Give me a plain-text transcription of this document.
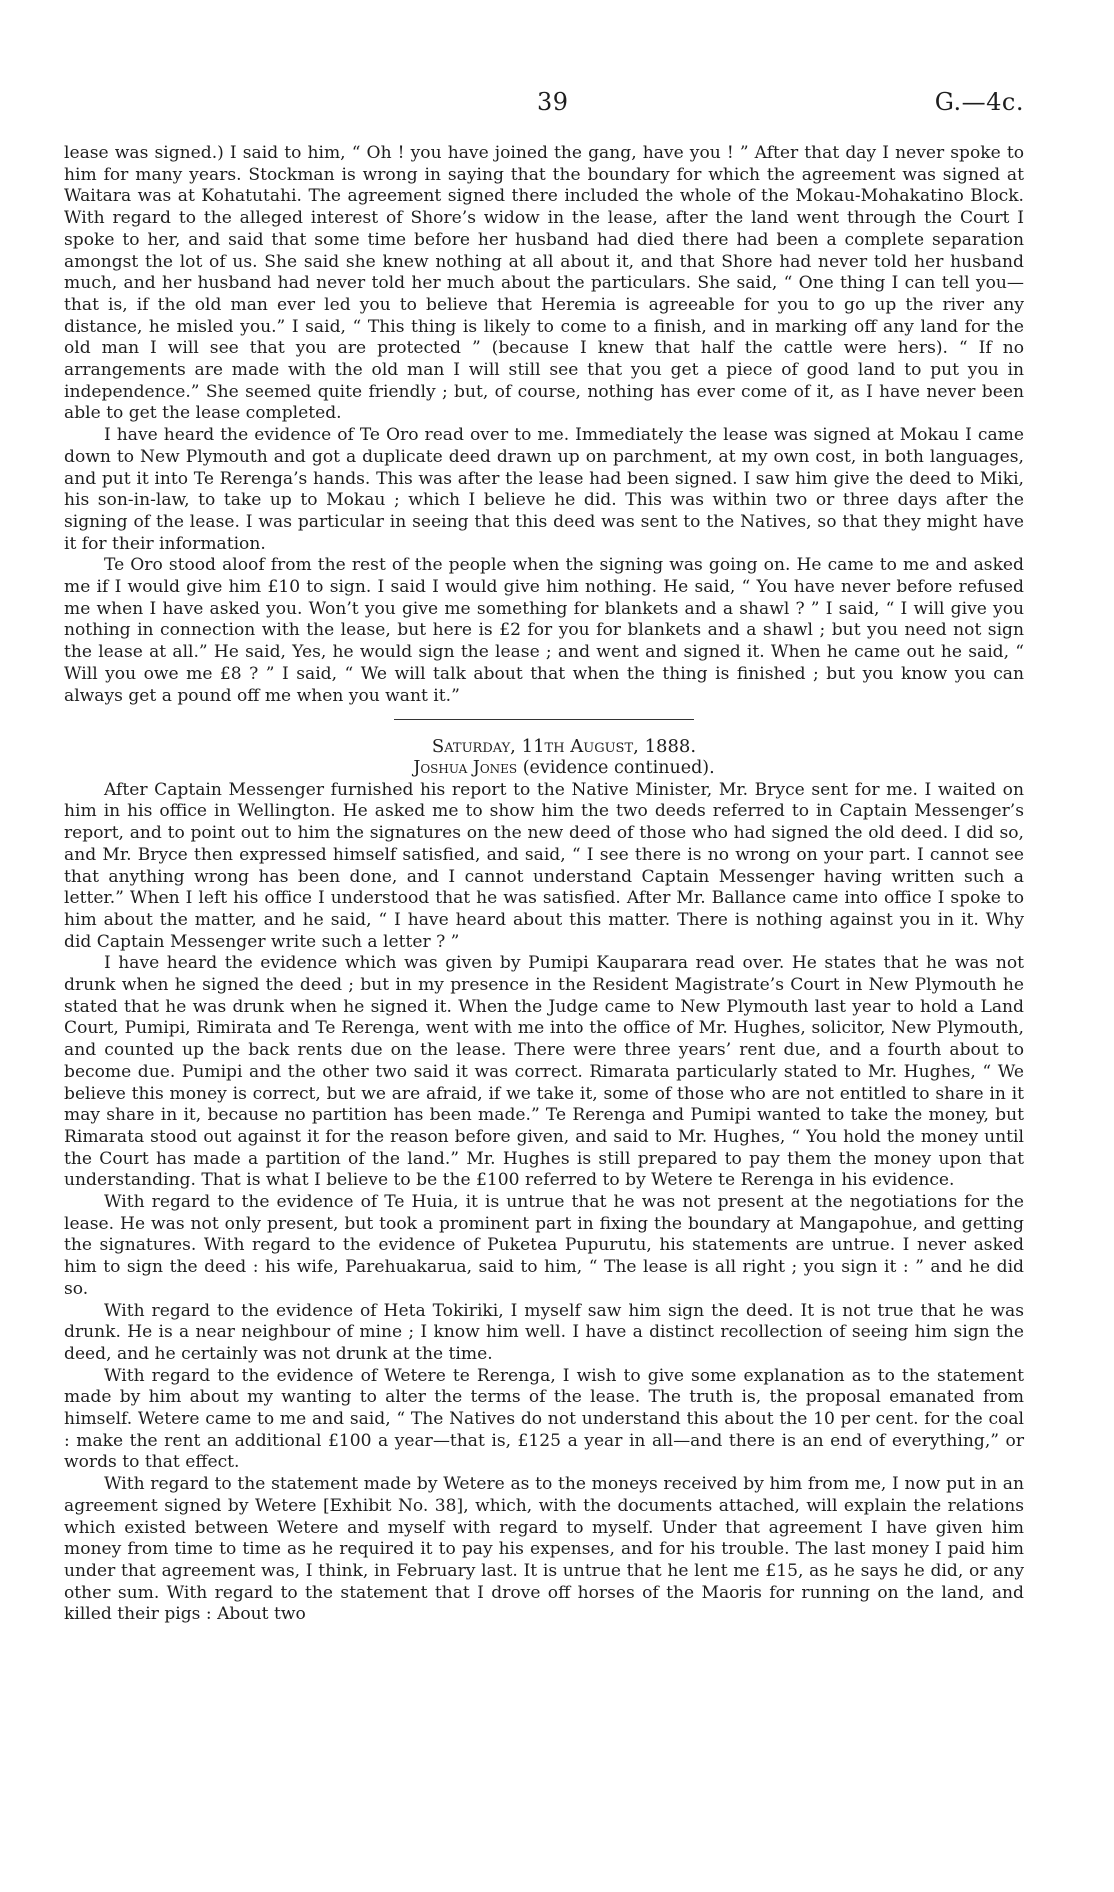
39	G.—4c.

lease was signed.) I said to him, “ Oh ! you have joined the gang, have you ! ” After that day I never spoke to him for many years. Stockman is wrong in saying that the boundary for which the agreement was signed at Waitara was at Kohatutahi. The agreement signed there included the whole of the Mokau-Mohakatino Block. With regard to the alleged interest of Shore’s widow in the lease, after the land went through the Court I spoke to her, and said that some time before her husband had died there had been a complete separation amongst the lot of us. She said she knew nothing at all about it, and that Shore had never told her husband much, and her husband had never told her much about the particulars. She said, “ One thing I can tell you—that is, if the old man ever led you to believe that Heremia is agreeable for you to go up the river any distance, he misled you.” I said, “ This thing is likely to come to a finish, and in marking off any land for the old man I will see that you are protected ” (because I knew that half the cattle were hers). “ If no arrangements are made with the old man I will still see that you get a piece of good land to put you in independence.” She seemed quite friendly ; but, of course, nothing has ever come of it, as I have never been able to get the lease completed.

I have heard the evidence of Te Oro read over to me. Immediately the lease was signed at Mokau I came down to New Plymouth and got a duplicate deed drawn up on parchment, at my own cost, in both languages, and put it into Te Rerenga’s hands. This was after the lease had been signed. I saw him give the deed to Miki, his son-in-law, to take up to Mokau ; which I believe he did. This was within two or three days after the signing of the lease. I was particular in seeing that this deed was sent to the Natives, so that they might have it for their information.

Te Oro stood aloof from the rest of the people when the signing was going on. He came to me and asked me if I would give him £10 to sign. I said I would give him nothing. He said, “ You have never before refused me when I have asked you. Won’t you give me something for blankets and a shawl ? ” I said, “ I will give you nothing in connection with the lease, but here is £2 for you for blankets and a shawl ; but you need not sign the lease at all.” He said, Yes, he would sign the lease ; and went and signed it. When he came out he said, “ Will you owe me £8 ? ” I said, “ We will talk about that when the thing is finished ; but you know you can always get a pound off me when you want it.”

Saturday, 11th August, 1888.

Joshua Jones (evidence continued).

After Captain Messenger furnished his report to the Native Minister, Mr. Bryce sent for me. I waited on him in his office in Wellington. He asked me to show him the two deeds referred to in Captain Messenger’s report, and to point out to him the signatures on the new deed of those who had signed the old deed. I did so, and Mr. Bryce then expressed himself satisfied, and said, “ I see there is no wrong on your part. I cannot see that anything wrong has been done, and I cannot understand Captain Messenger having written such a letter.” When I left his office I understood that he was satisfied. After Mr. Ballance came into office I spoke to him about the matter, and he said, “ I have heard about this matter. There is nothing against you in it. Why did Captain Messenger write such a letter ? ”

I have heard the evidence which was given by Pumipi Kauparara read over. He states that he was not drunk when he signed the deed ; but in my presence in the Resident Magistrate’s Court in New Plymouth he stated that he was drunk when he signed it. When the Judge came to New Plymouth last year to hold a Land Court, Pumipi, Rimirata and Te Rerenga, went with me into the office of Mr. Hughes, solicitor, New Plymouth, and counted up the back rents due on the lease. There were three years’ rent due, and a fourth about to become due. Pumipi and the other two said it was correct. Rimarata particularly stated to Mr. Hughes, “ We believe this money is correct, but we are afraid, if we take it, some of those who are not entitled to share in it may share in it, because no partition has been made.” Te Rerenga and Pumipi wanted to take the money, but Rimarata stood out against it for the reason before given, and said to Mr. Hughes, “ You hold the money until the Court has made a partition of the land.” Mr. Hughes is still prepared to pay them the money upon that understanding. That is what I believe to be the £100 referred to by Wetere te Rerenga in his evidence.

With regard to the evidence of Te Huia, it is untrue that he was not present at the negotiations for the lease. He was not only present, but took a prominent part in fixing the boundary at Mangapohue, and getting the signatures. With regard to the evidence of Puketea Pupurutu, his statements are untrue. I never asked him to sign the deed : his wife, Parehuakarua, said to him, “ The lease is all right ; you sign it : ” and he did so.

With regard to the evidence of Heta Tokiriki, I myself saw him sign the deed. It is not true that he was drunk. He is a near neighbour of mine ; I know him well. I have a distinct recollection of seeing him sign the deed, and he certainly was not drunk at the time.

With regard to the evidence of Wetere te Rerenga, I wish to give some explanation as to the statement made by him about my wanting to alter the terms of the lease. The truth is, the proposal emanated from himself. Wetere came to me and said, “ The Natives do not understand this about the 10 per cent. for the coal : make the rent an additional £100 a year—that is, £125 a year in all—and there is an end of everything,” or words to that effect.

With regard to the statement made by Wetere as to the moneys received by him from me, I now put in an agreement signed by Wetere [Exhibit No. 38], which, with the documents attached, will explain the relations which existed between Wetere and myself with regard to myself. Under that agreement I have given him money from time to time as he required it to pay his expenses, and for his trouble. The last money I paid him under that agreement was, I think, in February last. It is untrue that he lent me £15, as he says he did, or any other sum. With regard to the statement that I drove off horses of the Maoris for running on the land, and killed their pigs : About two
